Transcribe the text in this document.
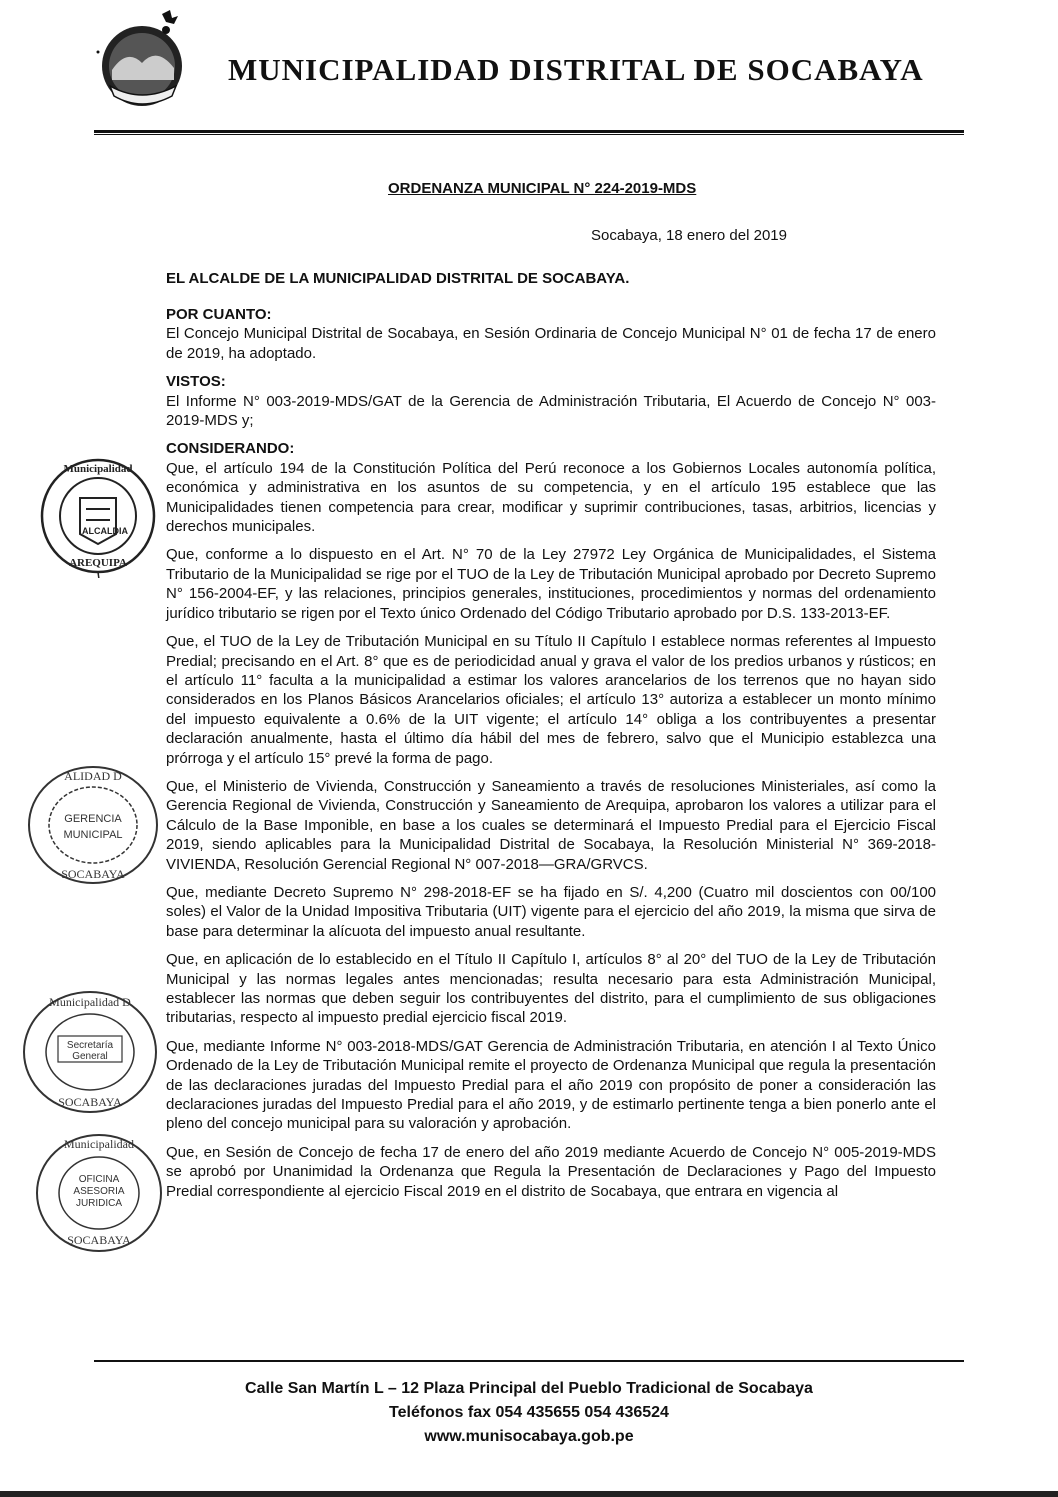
MUNICIPALIDAD DISTRITAL DE SOCABAYA
ORDENANZA MUNICIPAL N° 224-2019-MDS
Socabaya, 18 enero del 2019
EL ALCALDE DE LA MUNICIPALIDAD DISTRITAL DE SOCABAYA.
POR CUANTO:

El Concejo Municipal Distrital de Socabaya, en Sesión Ordinaria de Concejo Municipal N° 01 de fecha 17 de enero de 2019, ha adoptado.

VISTOS:

El Informe N° 003-2019-MDS/GAT de la Gerencia de Administración Tributaria, El Acuerdo de Concejo N° 003-2019-MDS y;

CONSIDERANDO:

Que, el artículo 194 de la Constitución Política del Perú reconoce a los Gobiernos Locales autonomía política, económica y administrativa en los asuntos de su competencia, y en el artículo 195 establece que las Municipalidades tienen competencia para crear, modificar y suprimir contribuciones, tasas, arbitrios, licencias y derechos municipales.

Que, conforme a lo dispuesto en el Art. N° 70 de la Ley 27972 Ley Orgánica de Municipalidades, el Sistema Tributario de la Municipalidad se rige por el TUO de la Ley de Tributación Municipal aprobado por Decreto Supremo N° 156-2004-EF, y las relaciones, principios generales, instituciones, procedimientos y normas del ordenamiento jurídico tributario se rigen por el Texto único Ordenado del Código Tributario aprobado por D.S. 133-2013-EF.

Que, el TUO de la Ley de Tributación Municipal en su Título II Capítulo I establece normas referentes al Impuesto Predial; precisando en el Art. 8° que es de periodicidad anual y grava el valor de los predios urbanos y rústicos; en el artículo 11° faculta a la municipalidad a estimar los valores arancelarios de los terrenos que no hayan sido considerados en los Planos Básicos Arancelarios oficiales; el artículo 13° autoriza a establecer un monto mínimo del impuesto equivalente a 0.6% de la UIT vigente; el artículo 14° obliga a los contribuyentes a presentar declaración anualmente, hasta el último día hábil del mes de febrero, salvo que el Municipio establezca una prórroga y el artículo 15° prevé la forma de pago.

Que, el Ministerio de Vivienda, Construcción y Saneamiento a través de resoluciones Ministeriales, así como la Gerencia Regional de Vivienda, Construcción y Saneamiento de Arequipa, aprobaron los valores a utilizar para el Cálculo de la Base Imponible, en base a los cuales se determinará el Impuesto Predial para el Ejercicio Fiscal 2019, siendo aplicables para la Municipalidad Distrital de Socabaya, la Resolución Ministerial N° 369-2018-VIVIENDA, Resolución Gerencial Regional N° 007-2018—GRA/GRVCS.

Que, mediante Decreto Supremo N° 298-2018-EF se ha fijado en S/. 4,200 (Cuatro mil doscientos con 00/100 soles) el Valor de la Unidad Impositiva Tributaria (UIT) vigente para el ejercicio del año 2019, la misma que sirva de base para determinar la alícuota del impuesto anual resultante.

Que, en aplicación de lo establecido en el Título II Capítulo I, artículos 8° al 20° del TUO de la Ley de Tributación Municipal y las normas legales antes mencionadas; resulta necesario para esta Administración Municipal, establecer las normas que deben seguir los contribuyentes del distrito, para el cumplimiento de sus obligaciones tributarias, respecto al impuesto predial ejercicio fiscal 2019.

Que, mediante Informe N° 003-2018-MDS/GAT Gerencia de Administración Tributaria, en atención I al Texto Único Ordenado de la Ley de Tributación Municipal remite el proyecto de Ordenanza Municipal que regula la presentación de las declaraciones juradas del Impuesto Predial para el año 2019 con propósito de poner a consideración las declaraciones juradas del Impuesto Predial para el año 2019, y de estimarlo pertinente tenga a bien ponerlo ante el pleno del concejo municipal para su valoración y aprobación.

Que, en Sesión de Concejo de fecha 17 de enero del año 2019 mediante Acuerdo de Concejo N° 005-2019-MDS se aprobó por Unanimidad la Ordenanza que Regula la Presentación de Declaraciones y Pago del Impuesto Predial correspondiente al ejercicio Fiscal 2019 en el distrito de Socabaya, que entrara en vigencia al

Municipalidad
ALCALDIA
AREQUIPA
ALIDAD D
GERENCIA
MUNICIPAL
SOCABAYA
Municipalidad D
Secretaría
General
SOCABAYA
Municipalidad
OFICINA
ASESORIA
JURIDICA
SOCABAYA
Calle San Martín L – 12 Plaza Principal del Pueblo Tradicional de Socabaya
Teléfonos fax 054 435655 054 436524
www.munisocabaya.gob.pe
